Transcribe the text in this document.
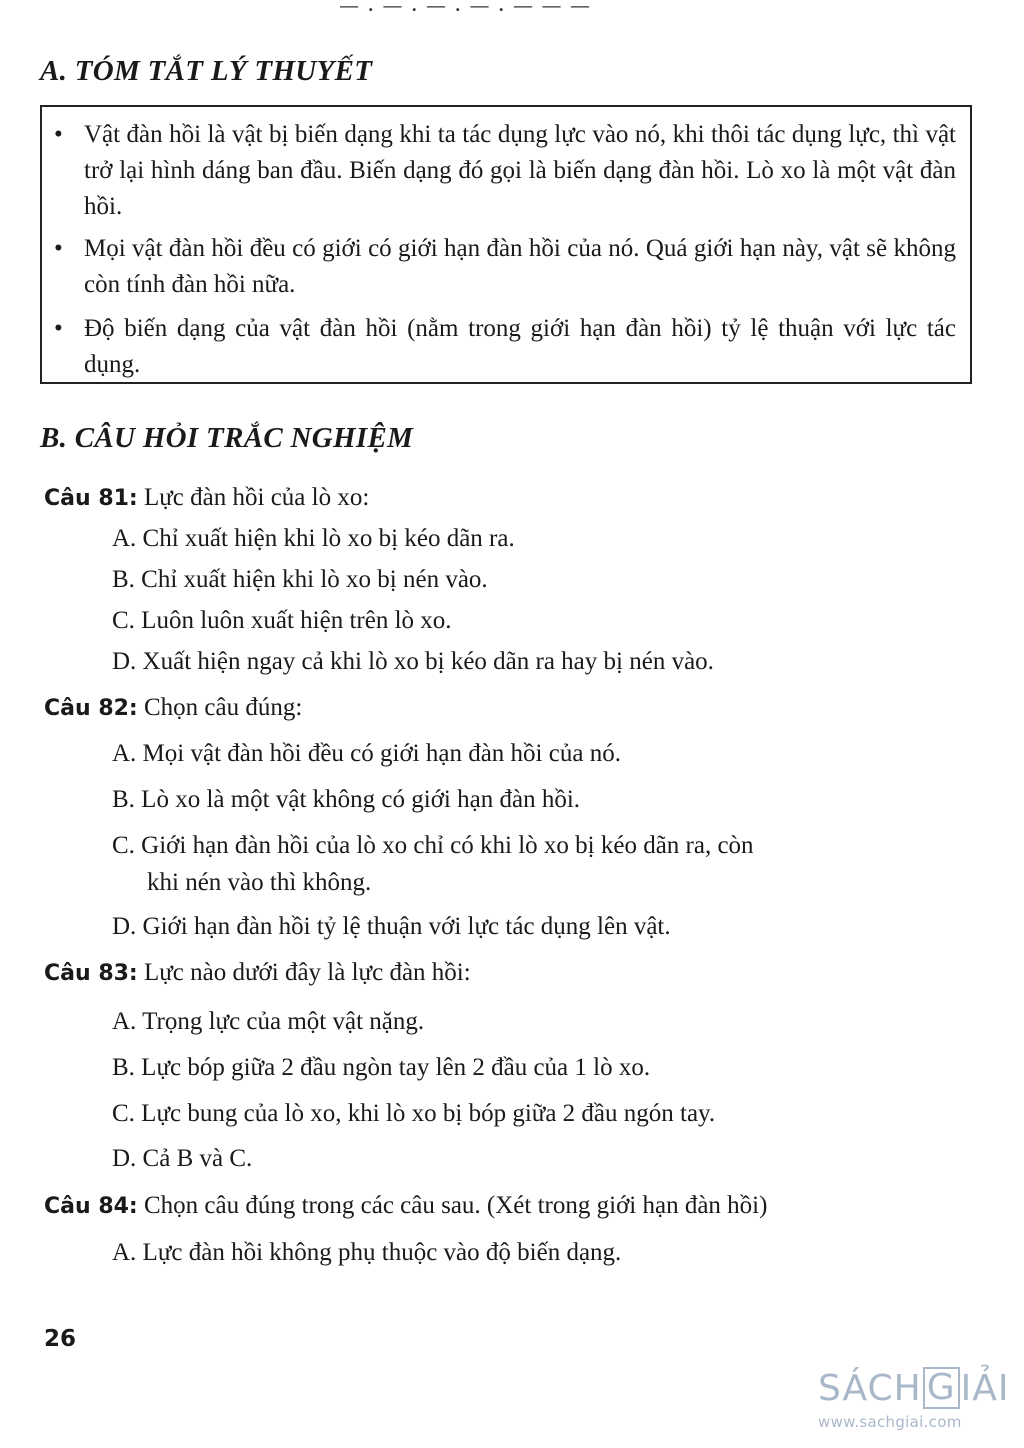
— . — . — . — . — — —
A. TÓM TẮT LÝ THUYẾT
• Vật đàn hồi là vật bị biến dạng khi ta tác dụng lực vào nó, khi thôi tác dụng lực, thì vật trở lại hình dáng ban đầu. Biến dạng đó gọi là biến dạng đàn hồi. Lò xo là một vật đàn hồi.
• Mọi vật đàn hồi đều có giới có giới hạn đàn hồi của nó. Quá giới hạn này, vật sẽ không còn tính đàn hồi nữa.
• Độ biến dạng của vật đàn hồi (nằm trong giới hạn đàn hồi) tỷ lệ thuận với lực tác dụng.
B. CÂU HỎI TRẮC NGHIỆM
Câu 81: Lực đàn hồi của lò xo:
A. Chỉ xuất hiện khi lò xo bị kéo dãn ra.
B. Chỉ xuất hiện khi lò xo bị nén vào.
C. Luôn luôn xuất hiện trên lò xo.
D. Xuất hiện ngay cả khi lò xo bị kéo dãn ra hay bị nén vào.
Câu 82: Chọn câu đúng:
A. Mọi vật đàn hồi đều có giới hạn đàn hồi của nó.
B. Lò xo là một vật không có giới hạn đàn hồi.
C. Giới hạn đàn hồi của lò xo chỉ có khi lò xo bị kéo dãn ra, còn
khi nén vào thì không.
D. Giới hạn đàn hồi tỷ lệ thuận với lực tác dụng lên vật.
Câu 83: Lực nào dưới đây là lực đàn hồi:
A. Trọng lực của một vật nặng.
B. Lực bóp giữa 2 đầu ngòn tay lên 2 đầu của 1 lò xo.
C. Lực bung của lò xo, khi lò xo bị bóp giữa 2 đầu ngón tay.
D. Cả B và C.
Câu 84: Chọn câu đúng trong các câu sau. (Xét trong giới hạn đàn hồi)
A. Lực đàn hồi không phụ thuộc vào độ biến dạng.
26
SÁCH G IẢI
www.sachgiai.com
